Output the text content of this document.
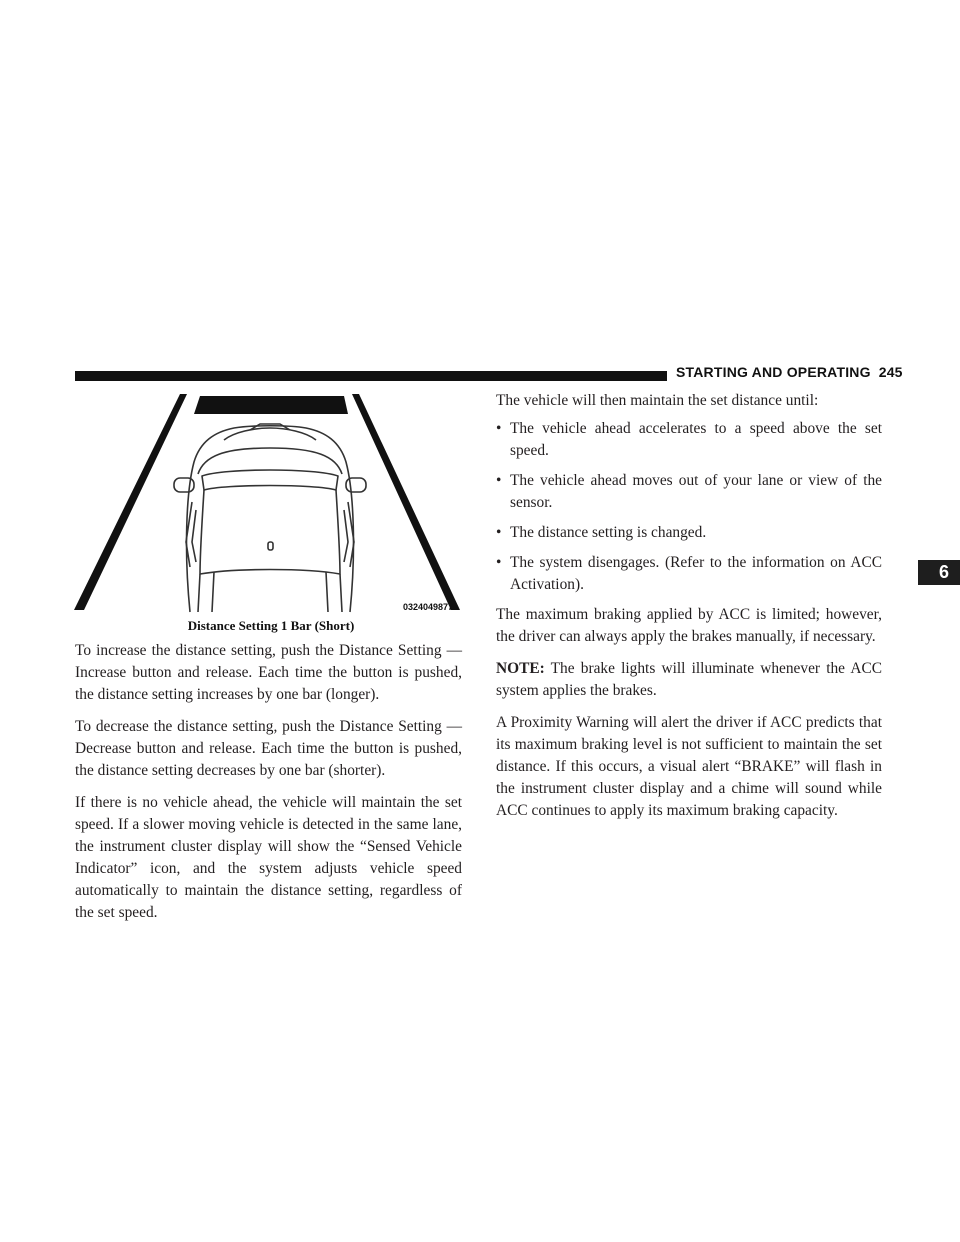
STARTING AND OPERATING 245
6
0324049877
Distance Setting 1 Bar (Short)

To increase the distance setting, push the Distance Setting — Increase button and release. Each time the button is pushed, the distance setting increases by one bar (longer).

To decrease the distance setting, push the Distance Setting — Decrease button and release. Each time the button is pushed, the distance setting decreases by one bar (shorter).

If there is no vehicle ahead, the vehicle will maintain the set speed. If a slower moving vehicle is detected in the same lane, the instrument cluster display will show the “Sensed Vehicle Indicator” icon, and the system adjusts vehicle speed automatically to maintain the distance setting, regardless of the set speed.

The vehicle will then maintain the set distance until:

• The vehicle ahead accelerates to a speed above the set speed.
• The vehicle ahead moves out of your lane or view of the sensor.
• The distance setting is changed.
• The system disengages. (Refer to the information on ACC Activation).

The maximum braking applied by ACC is limited; however, the driver can always apply the brakes manually, if necessary.

NOTE: The brake lights will illuminate whenever the ACC system applies the brakes.

A Proximity Warning will alert the driver if ACC predicts that its maximum braking level is not sufficient to maintain the set distance. If this occurs, a visual alert “BRAKE” will flash in the instrument cluster display and a chime will sound while ACC continues to apply its maximum braking capacity.
